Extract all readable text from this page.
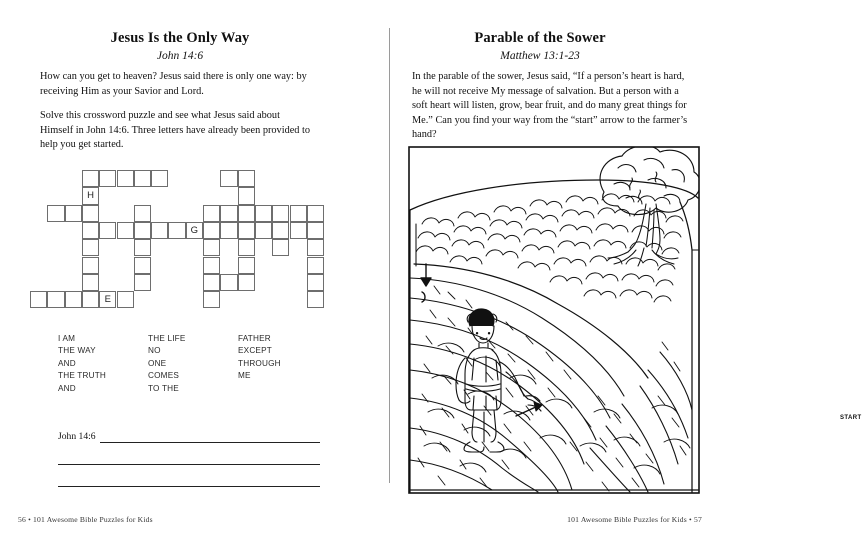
Jesus Is the Only Way
John 14:6
How can you get to heaven? Jesus said there is only one way: by receiving Him as your Savior and Lord.
Solve this crossword puzzle and see what Jesus said about Himself in John 14:6. Three letters have already been provided to help you get started.
H
G
E
I AM
THE WAY
AND
THE TRUTH
AND
THE LIFE
NO
ONE
COMES
TO THE
FATHER
EXCEPT
THROUGH
ME
John 14:6
56 • 101 Awesome Bible Puzzles for Kids
Parable of the Sower
Matthew 13:1-23
In the parable of the sower, Jesus said, “If a person’s heart is hard, he will not receive My message of salvation. But a person with a soft heart will listen, grow, bear fruit, and do many great things for Me.” Can you find your way from the “start” arrow to the farmer’s hand?
START
101 Awesome Bible Puzzles for Kids • 57
